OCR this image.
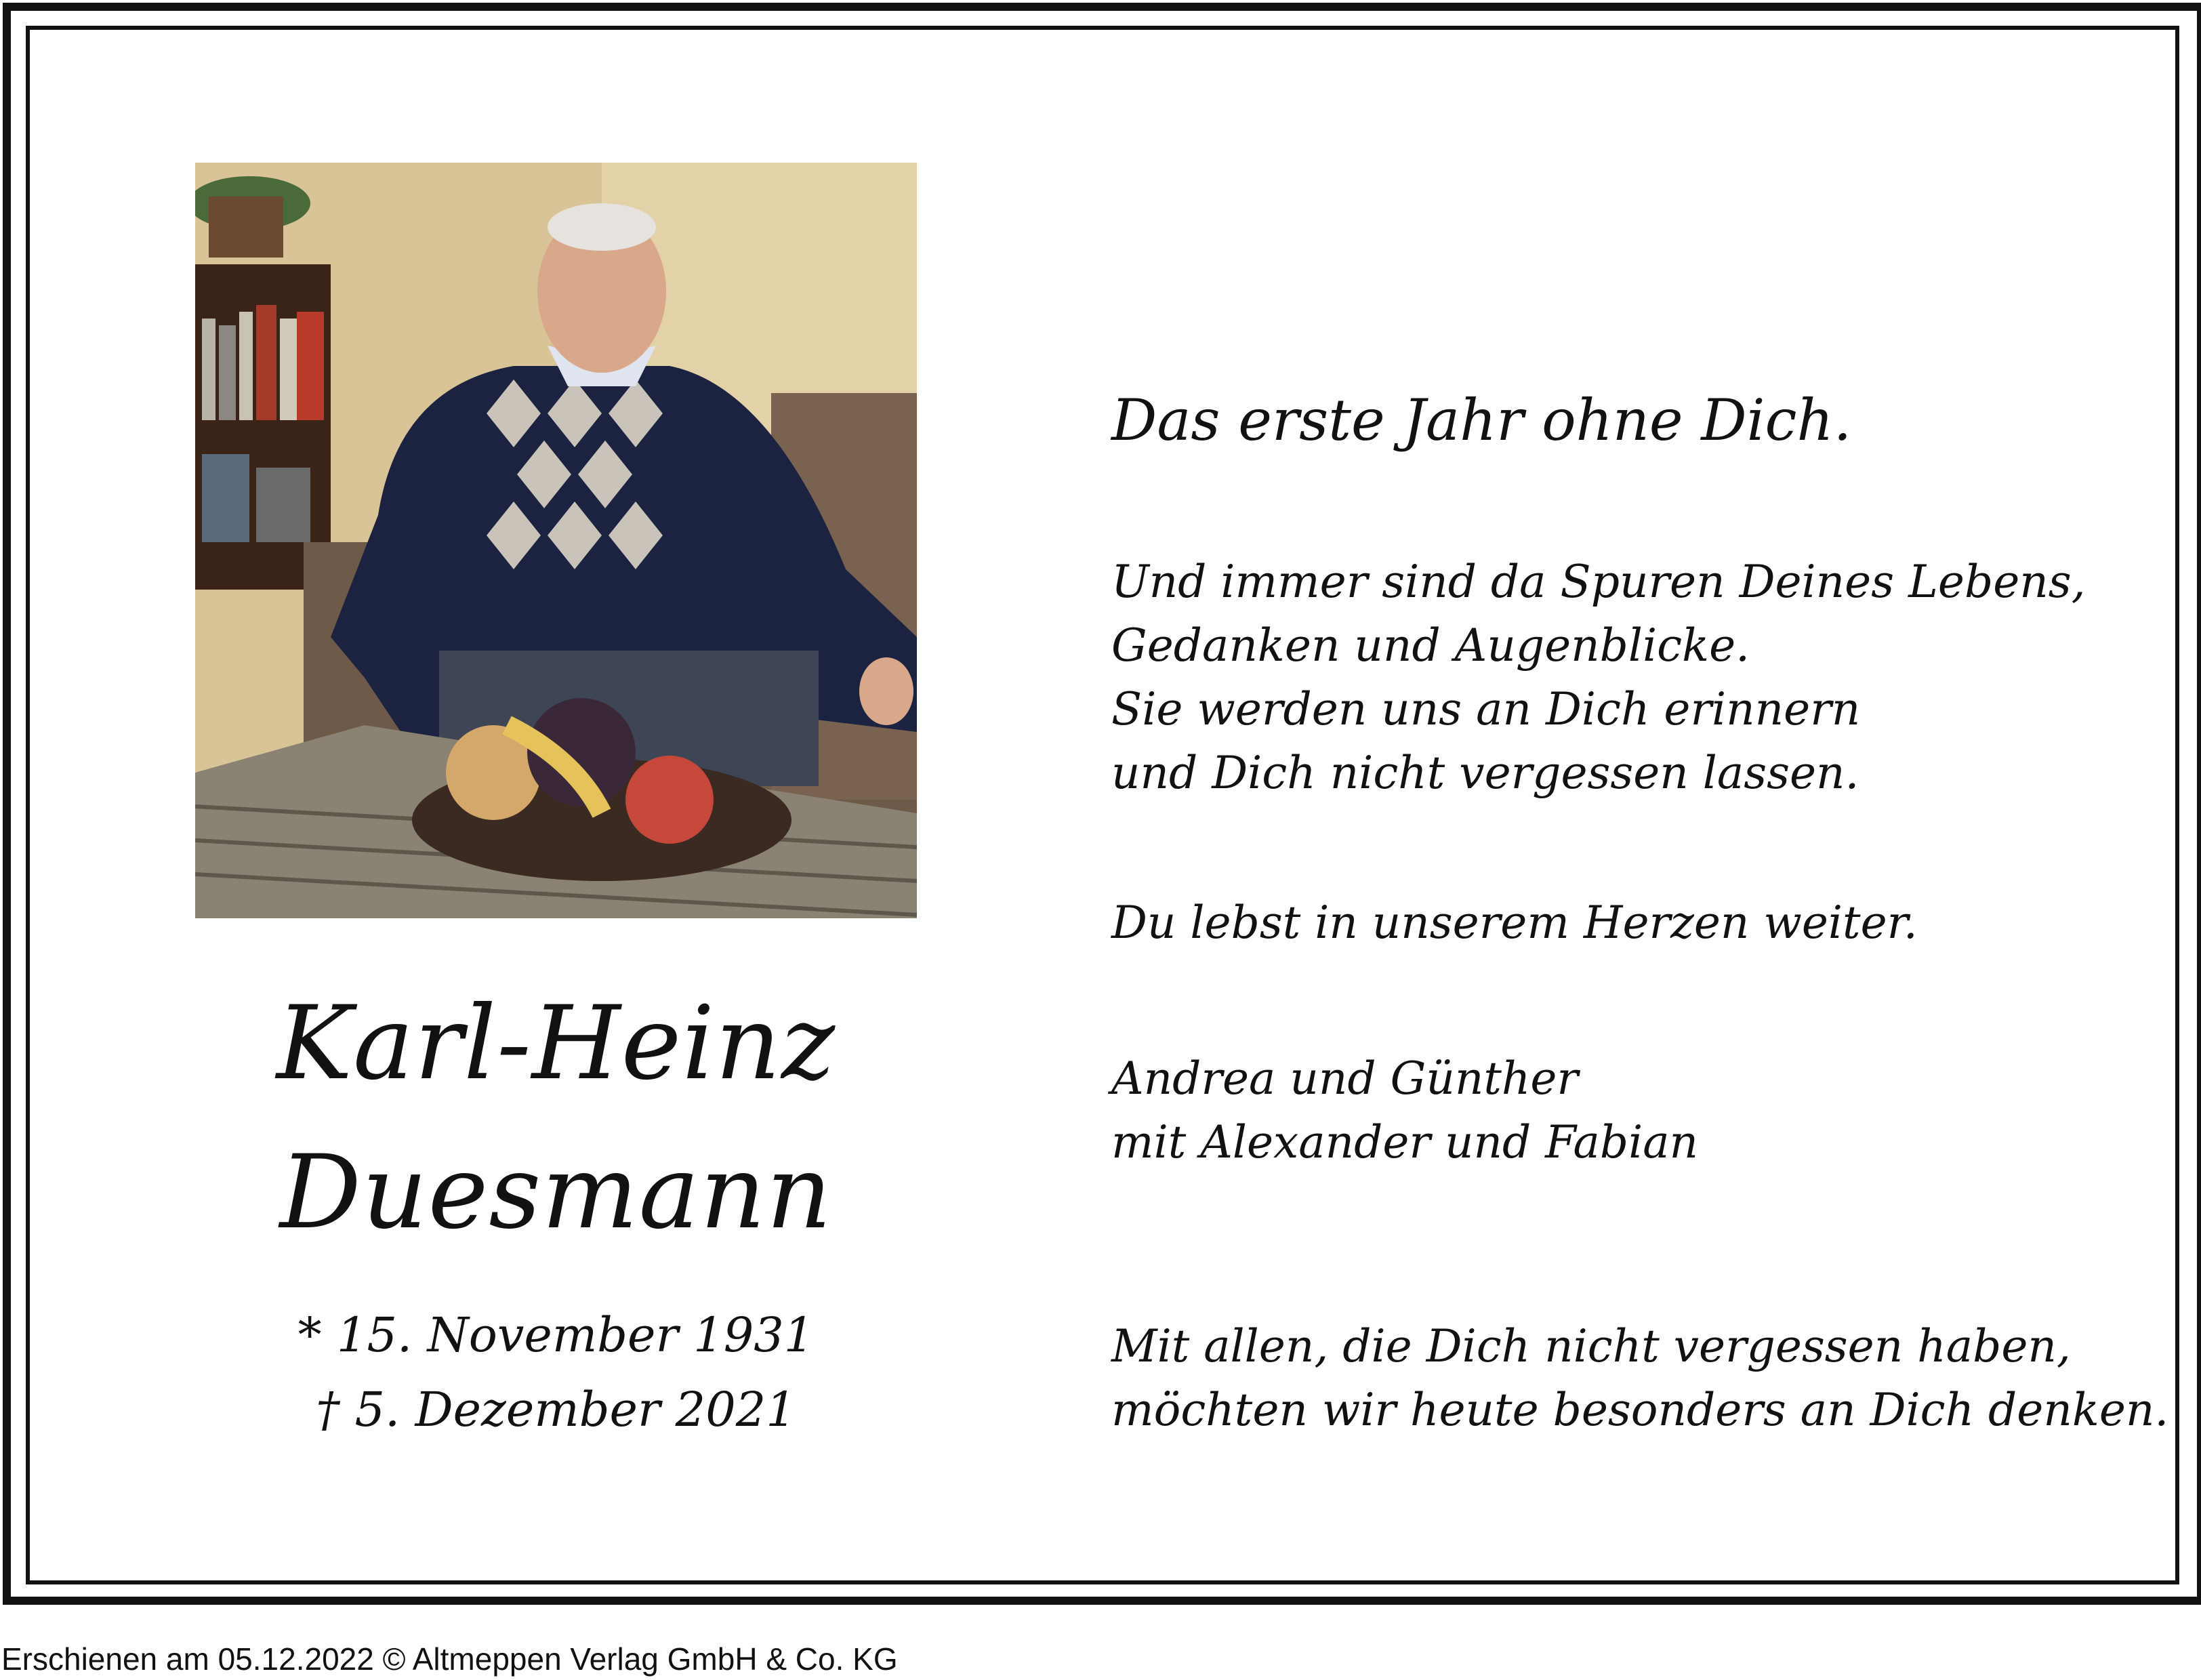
Karl-Heinz
Duesmann
* 15. November 1931
† 5. Dezember 2021
Das erste Jahr ohne Dich.
Und immer sind da Spuren Deines Lebens,
Gedanken und Augenblicke.
Sie werden uns an Dich erinnern
und Dich nicht vergessen lassen.
Du lebst in unserem Herzen weiter.
Andrea und Günther
mit Alexander und Fabian
Mit allen, die Dich nicht vergessen haben,
möchten wir heute besonders an Dich denken.
Erschienen am 05.12.2022 © Altmeppen Verlag GmbH & Co. KG
